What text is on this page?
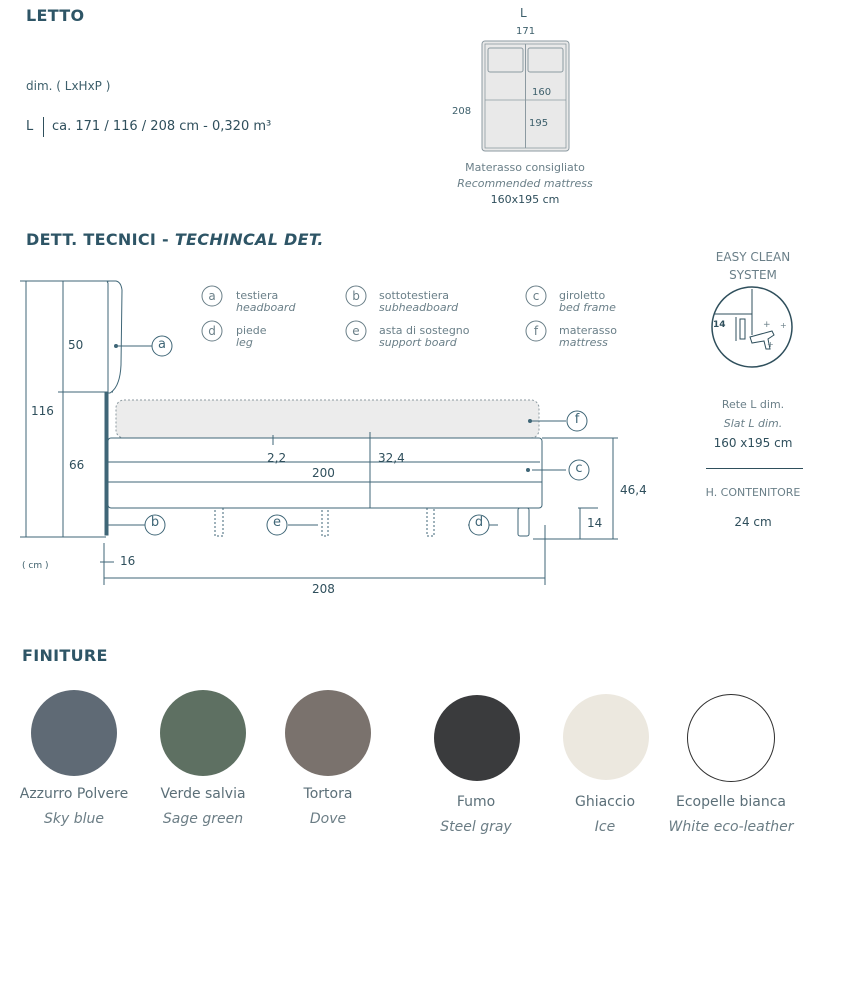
LETTO
dim. ( LxHxP )
L ca. 171 / 116 / 208 cm - 0,320 m³
L
171
208
160
195
Materasso consigliato
Recommended mattress
160x195 cm
DETT. TECNICI - TECHINCAL DET.
a
b
c
d
e
f
116
50
66
16
2,2	32,4
200
208
46,4
14
( cm )
a
d
b
e
c
f
testiera
headboard
piede
leg
sottotestiera
subheadboard
asta di sostegno
support board
giroletto
bed frame
materasso
mattress
EASY CLEAN
SYSTEM
+ +
+
14
Rete L dim.
Slat L dim.
160 x195 cm
H. CONTENITORE
24 cm
FINITURE
Azzurro Polvere
Sky blue
Verde salvia
Sage green
Tortora
Dove
Fumo
Steel gray
Ghiaccio
Ice
Ecopelle bianca
White eco-leather
